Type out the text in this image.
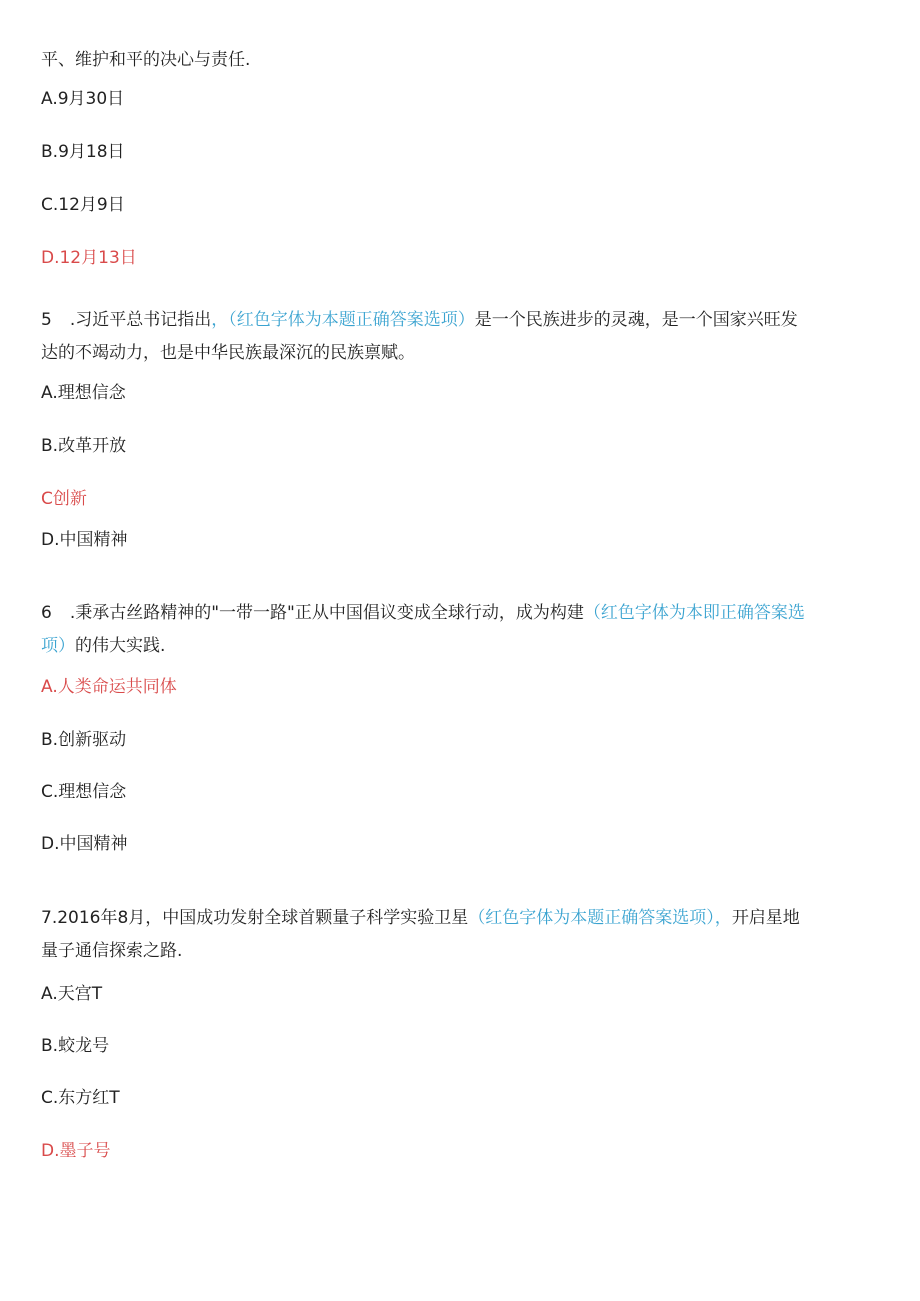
平、维护和平的决心与责任.
A.9月30日
B.9月18日
C.12月9日
D.12月13日
5 .习近平总书记指出，（红色字体为本题正确答案选项）是一个民族进步的灵魂，是一个国家兴旺发
达的不竭动力，也是中华民族最深沉的民族禀赋。
A.理想信念
B.改革开放
C创新
D.中国精神
6 .秉承古丝路精神的"一带一路"正从中国倡议变成全球行动，成为构建（红色字体为本即正确答案选
项）的伟大实践.
A.人类命运共同体
B.创新驱动
C.理想信念
D.中国精神
7.2016年8月，中国成功发射全球首颗量子科学实验卫星（红色字体为本题正确答案选项），开启星地
量子通信探索之路.
A.天宫T
B.蛟龙号
C.东方红T
D.墨子号
